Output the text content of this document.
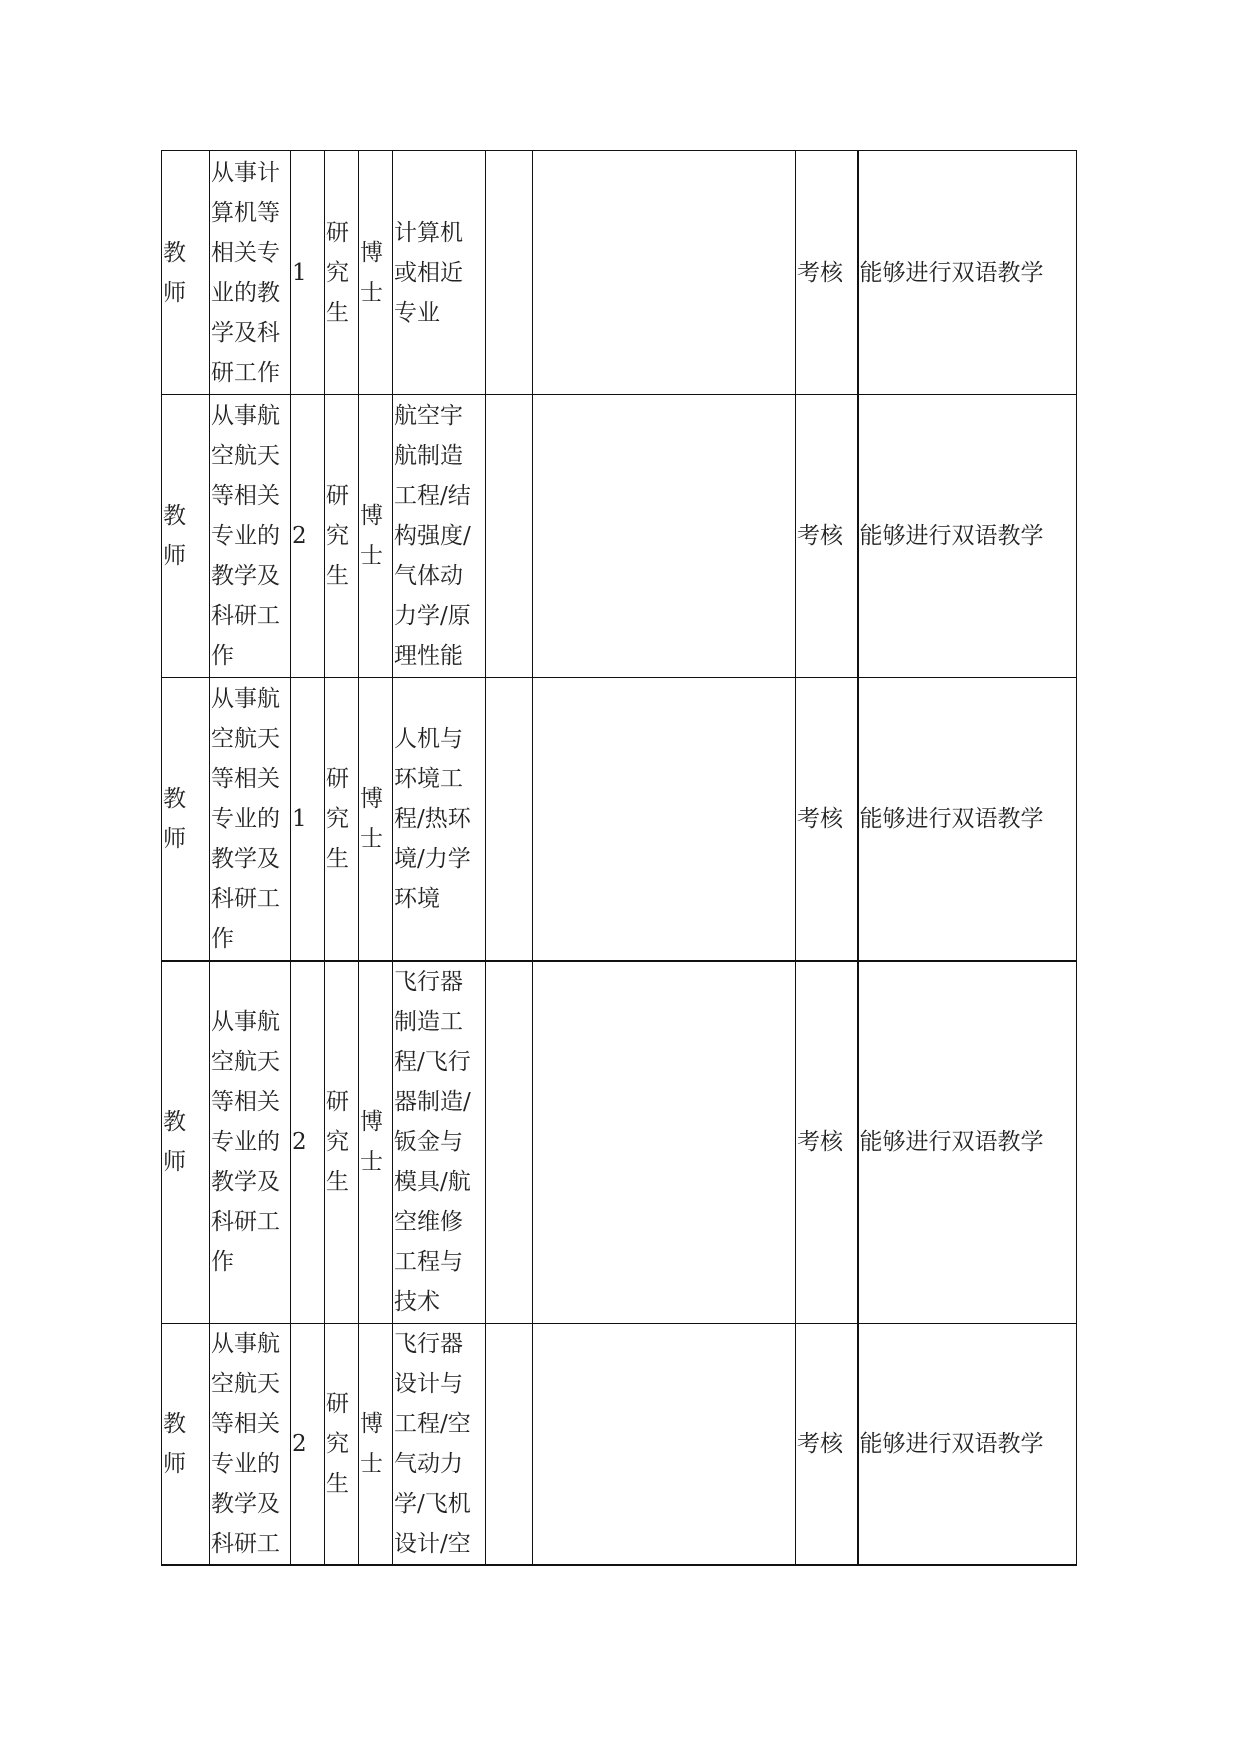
教师	从事计算机等相关专业的教学及科研工作	1	研究生	博士	计算机或相近专业			考核	能够进行双语教学

教师	从事航空航天等相关专业的教学及科研工作	2	研究生	博士	航空宇航制造工程/结构强度/气体动力学/原理性能			考核	能够进行双语教学

教师	从事航空航天等相关专业的教学及科研工作	1	研究生	博士	人机与环境工程/热环境/力学环境			考核	能够进行双语教学

教师	从事航空航天等相关专业的教学及科研工作	2	研究生	博士	飞行器制造工程/飞行器制造/钣金与模具/航空维修工程与技术			考核	能够进行双语教学

教师	从事航空航天等相关专业的教学及科研工	2	研究生	博士	飞行器设计与工程/空气动力学/飞机设计/空			考核	能够进行双语教学
